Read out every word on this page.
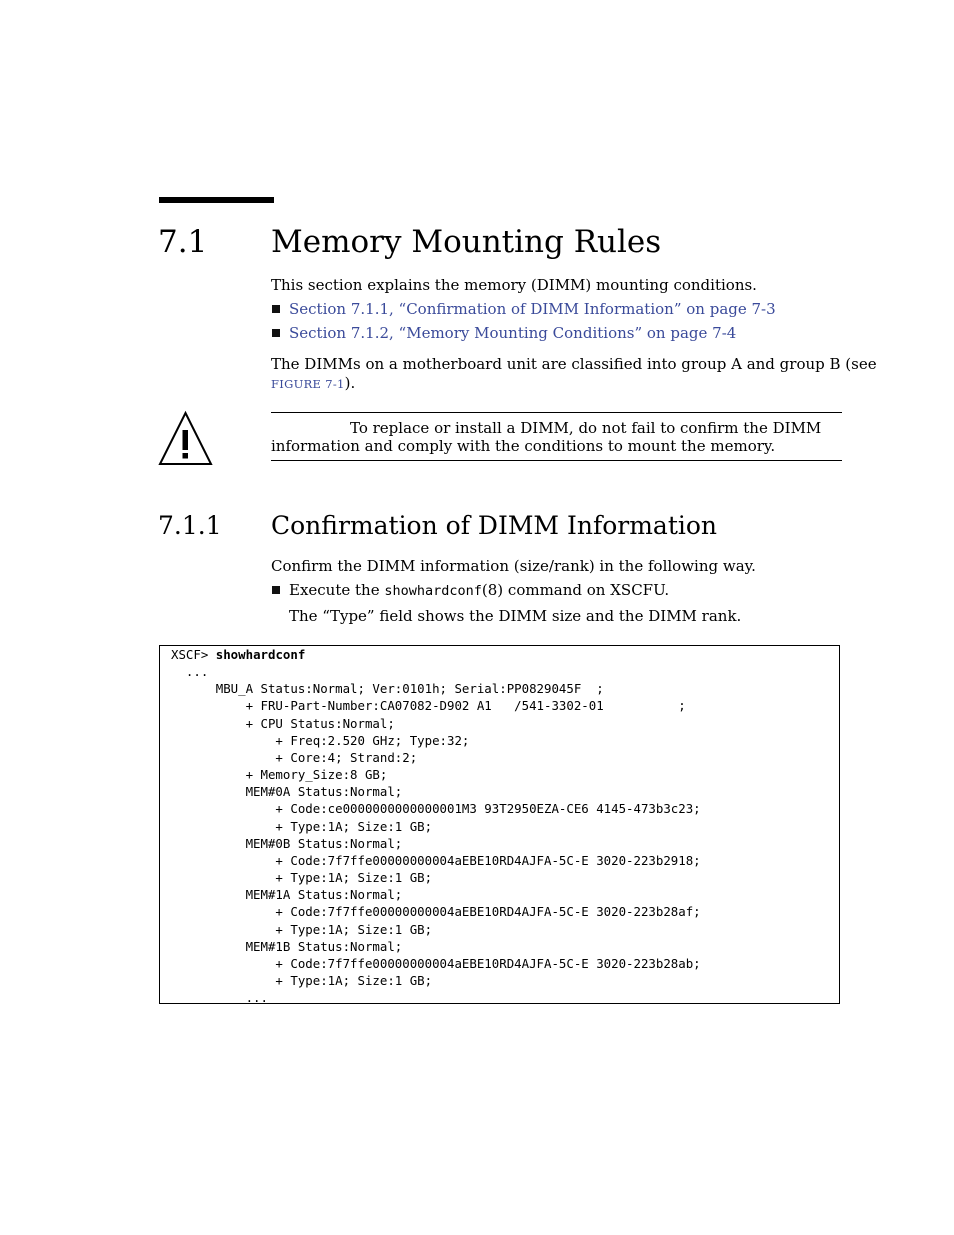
7.1 Memory Mounting Rules
This section explains the memory (DIMM) mounting conditions.
Section 7.1.1, “Confirmation of DIMM Information” on page 7-3
Section 7.1.2, “Memory Mounting Conditions” on page 7-4
The DIMMs on a motherboard unit are classified into group A and group B (see
FIGURE 7-1).
To replace or install a DIMM, do not fail to confirm the DIMM
information and comply with the conditions to mount the memory.
7.1.1 Confirmation of DIMM Information
Confirm the DIMM information (size/rank) in the following way.
Execute the showhardconf(8) command on XSCFU.
The “Type” field shows the DIMM size and the DIMM rank.
XSCF> showhardconf
...
MBU_A Status:Normal; Ver:0101h; Serial:PP0829045F  ;
+ FRU-Part-Number:CA07082-D902 A1   /541-3302-01          ;
+ CPU Status:Normal;
+ Freq:2.520 GHz; Type:32;
+ Core:4; Strand:2;
+ Memory_Size:8 GB;
MEM#0A Status:Normal;
+ Code:ce0000000000000001M3 93T2950EZA-CE6 4145-473b3c23;
+ Type:1A; Size:1 GB;
MEM#0B Status:Normal;
+ Code:7f7ffe00000000004aEBE10RD4AJFA-5C-E 3020-223b2918;
+ Type:1A; Size:1 GB;
MEM#1A Status:Normal;
+ Code:7f7ffe00000000004aEBE10RD4AJFA-5C-E 3020-223b28af;
+ Type:1A; Size:1 GB;
MEM#1B Status:Normal;
+ Code:7f7ffe00000000004aEBE10RD4AJFA-5C-E 3020-223b28ab;
+ Type:1A; Size:1 GB;
...
